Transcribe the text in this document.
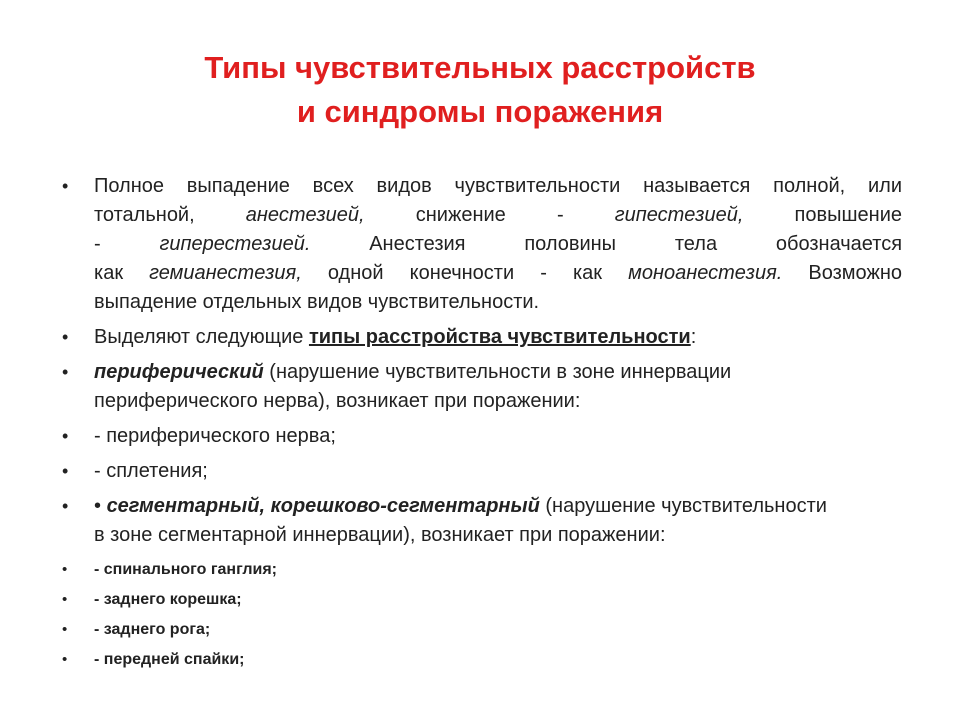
Типы чувствительных расстройств
и синдромы поражения
• Полное выпадение всех видов чувствительности называется полной, или
тотальной, анестезией, снижение	- гипестезией, повышение
- гиперестезией. Анестезия	половины	тела	обозначается
как гемианестезия, одной конечности - как моноанестезия. Возможно
выпадение отдельных видов чувствительности.
• Выделяют следующие типы расстройства чувствительности:
• периферический (нарушение чувствительности в зоне иннервации
периферического нерва), возникает при поражении:
• - периферического нерва;
• - сплетения;
• • сегментарный, корешково-сегментарный (нарушение чувствительности
в зоне сегментарной иннервации), возникает при поражении:
• - спинального ганглия;
• - заднего корешка;
• - заднего рога;
• - передней спайки;
